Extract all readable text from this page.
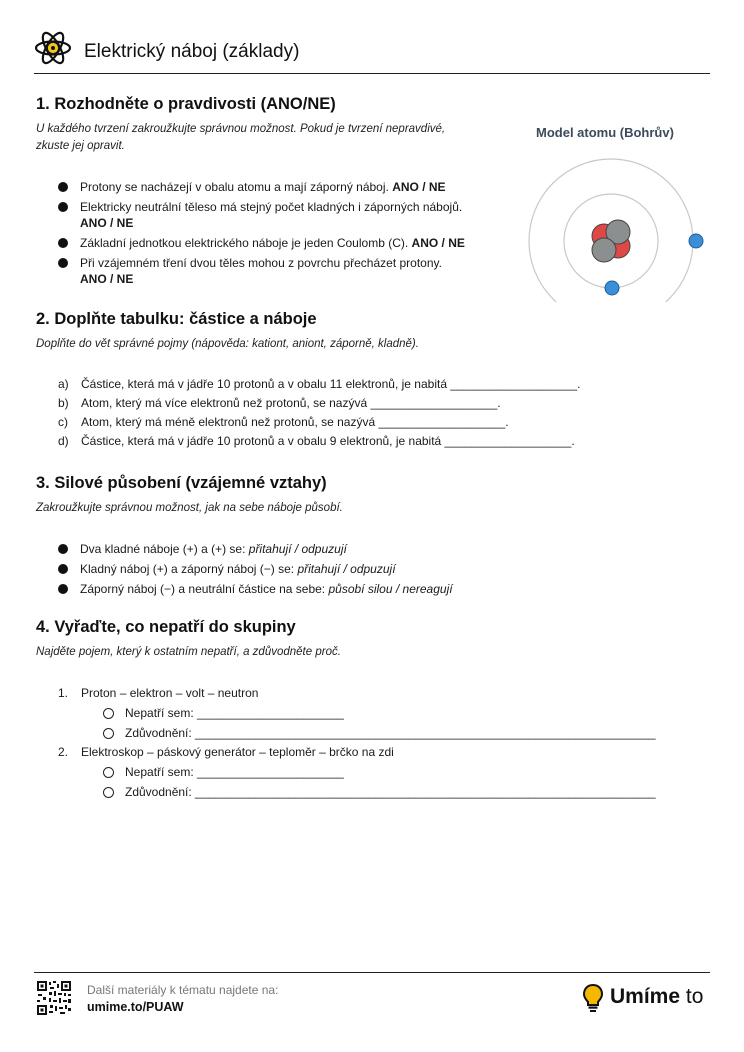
Elektrický náboj (základy)
1. Rozhodněte o pravdivosti (ANO/NE)

U každého tvrzení zakroužkujte správnou možnost. Pokud je tvrzení nepravdivé,

zkuste jej opravit.

Protony se nacházejí v obalu atomu a mají záporný náboj. ANO / NE
Elektricky neutrální těleso má stejný počet kladných i záporných nábojů.
ANO / NE
Základní jednotkou elektrického náboje je jeden Coulomb (C). ANO / NE
Při vzájemném tření dvou těles mohou z povrchu přecházet protony.
ANO / NE
Model atomu (Bohrův)
2. Doplňte tabulku: částice a náboje

Doplňte do vět správné pojmy (nápověda: kationt, aniont, záporně, kladně).

a) Částice, která má v jádře 10 protonů a v obalu 11 elektronů, je nabitá ___________________.
b) Atom, který má více elektronů než protonů, se nazývá ___________________.
c) Atom, který má méně elektronů než protonů, se nazývá ___________________.
d) Částice, která má v jádře 10 protonů a v obalu 9 elektronů, je nabitá ___________________.
3. Silové působení (vzájemné vztahy)

Zakroužkujte správnou možnost, jak na sebe náboje působí.

Dva kladné náboje (+) a (+) se: přitahují / odpuzují
Kladný náboj (+) a záporný náboj (−) se: přitahují / odpuzují
Záporný náboj (−) a neutrální částice na sebe: působí silou / nereagují
4. Vyřaďte, co nepatří do skupiny

Najděte pojem, který k ostatním nepatří, a zdůvodněte proč.

1. Proton – elektron – volt – neutron
Nepatří sem: ______________________
Zdůvodnění: _____________________________________________________________________
2. Elektroskop – páskový generátor – teploměr – brčko na zdi
Nepatří sem: ______________________
Zdůvodnění: _____________________________________________________________________
Další materiály k tématu najdete na:
umime.to/PUAW	Umíme to
